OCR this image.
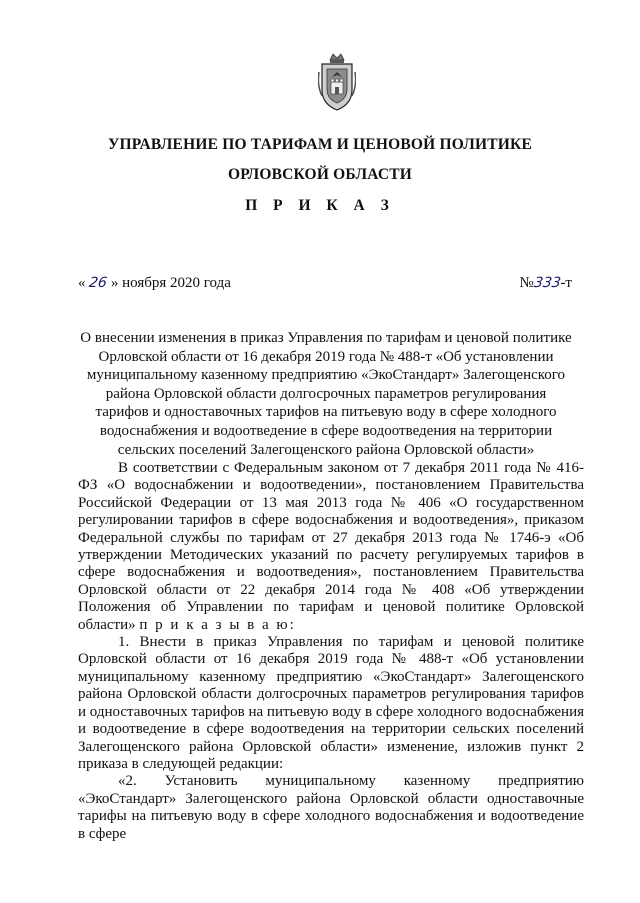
УПРАВЛЕНИЕ ПО ТАРИФАМ И ЦЕНОВОЙ ПОЛИТИКЕ
ОРЛОВСКОЙ ОБЛАСТИ
П Р И К А З
« 26 » ноября 2020 года	№333-т

О внесении изменения в приказ Управления по тарифам и ценовой политике Орловской области от 16 декабря 2019 года № 488-т «Об установлении муниципальному казенному предприятию «ЭкоСтандарт» Залегощенского района Орловской области долгосрочных параметров регулирования тарифов и одноставочных тарифов на питьевую воду в сфере холодного водоснабжения и водоотведение в сфере водоотведения на территории сельских поселений Залегощенского района Орловской области»

В соответствии с Федеральным законом от 7 декабря 2011 года № 416-ФЗ «О водоснабжении и водоотведении», постановлением Правительства Российской Федерации от 13 мая 2013 года № 406 «О государственном регулировании тарифов в сфере водоснабжения и водоотведения», приказом Федеральной службы по тарифам от 27 декабря 2013 года № 1746-э «Об утверждении Методических указаний по расчету регулируемых тарифов в сфере водоснабжения и водоотведения», постановлением Правительства Орловской области от 22 декабря 2014 года № 408 «Об утверждении Положения об Управлении по тарифам и ценовой политике Орловской области» п р и к а з ы в а ю:

1. Внести в приказ Управления по тарифам и ценовой политике Орловской области от 16 декабря 2019 года № 488-т «Об установлении муниципальному казенному предприятию «ЭкоСтандарт» Залегощенского района Орловской области долгосрочных параметров регулирования тарифов и одноставочных тарифов на питьевую воду в сфере холодного водоснабжения и водоотведение в сфере водоотведения на территории сельских поселений Залегощенского района Орловской области» изменение, изложив пункт 2 приказа в следующей редакции:

«2. Установить муниципальному казенному предприятию «ЭкоСтандарт» Залегощенского района Орловской области одноставочные тарифы на питьевую воду в сфере холодного водоснабжения и водоотведение в сфере
